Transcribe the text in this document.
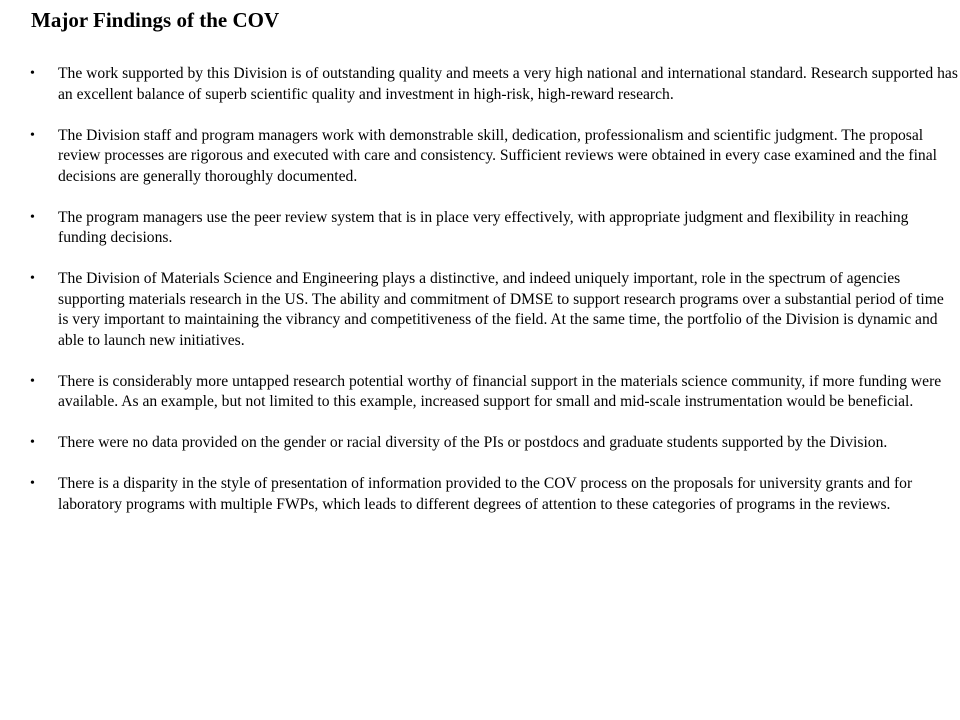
Major Findings of the COV
• The work supported by this Division is of outstanding quality and meets a very high national and international standard. Research supported has an excellent balance of superb scientific quality and investment in high-risk, high-reward research.
• The Division staff and program managers work with demonstrable skill, dedication, professionalism and scientific judgment. The proposal review processes are rigorous and executed with care and consistency. Sufficient reviews were obtained in every case examined and the final decisions are generally thoroughly documented.
• The program managers use the peer review system that is in place very effectively, with appropriate judgment and flexibility in reaching funding decisions.
• The Division of Materials Science and Engineering plays a distinctive, and indeed uniquely important, role in the spectrum of agencies supporting materials research in the US. The ability and commitment of DMSE to support research programs over a substantial period of time is very important to maintaining the vibrancy and competitiveness of the field. At the same time, the portfolio of the Division is dynamic and able to launch new initiatives.
• There is considerably more untapped research potential worthy of financial support in the materials science community, if more funding were available. As an example, but not limited to this example, increased support for small and mid-scale instrumentation would be beneficial.
• There were no data provided on the gender or racial diversity of the PIs or postdocs and graduate students supported by the Division.
• There is a disparity in the style of presentation of information provided to the COV process on the proposals for university grants and for laboratory programs with multiple FWPs, which leads to different degrees of attention to these categories of programs in the reviews.
